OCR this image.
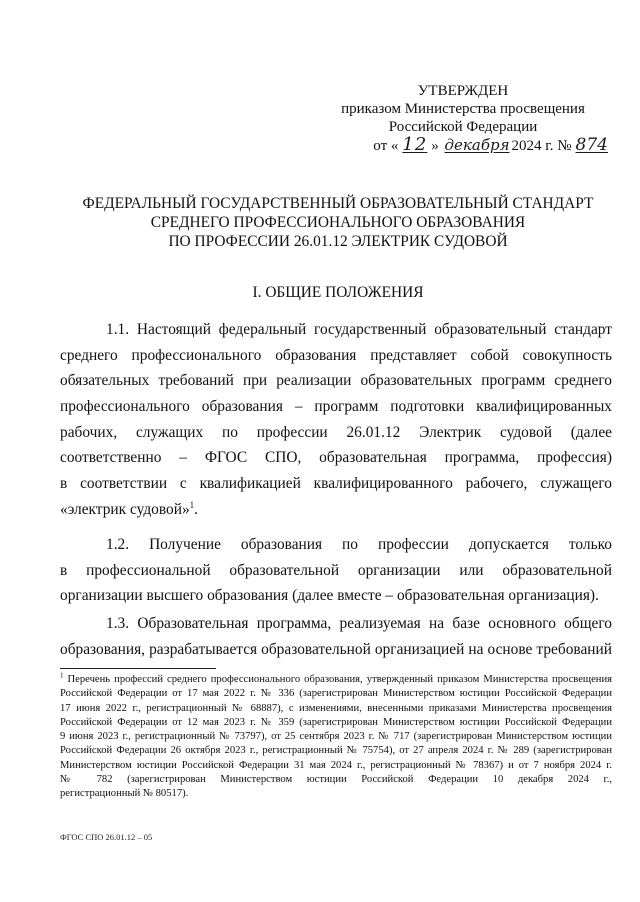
УТВЕРЖДЕН
приказом Министерства просвещения
Российской Федерации
от « 12 » декабря 2024 г. № 874
ФЕДЕРАЛЬНЫЙ ГОСУДАРСТВЕННЫЙ ОБРАЗОВАТЕЛЬНЫЙ СТАНДАРТ
СРЕДНЕГО ПРОФЕССИОНАЛЬНОГО ОБРАЗОВАНИЯ
ПО ПРОФЕССИИ 26.01.12 ЭЛЕКТРИК СУДОВОЙ
I. ОБЩИЕ ПОЛОЖЕНИЯ
1.1. Настоящий федеральный государственный образовательный стандарт
среднего профессионального образования представляет собой совокупность
обязательных требований при реализации образовательных программ среднего
профессионального образования – программ подготовки квалифицированных
рабочих, служащих по профессии 26.01.12 Электрик судовой (далее
соответственно – ФГОС СПО, образовательная программа, профессия)
в соответствии с квалификацией квалифицированного рабочего, служащего
«электрик судовой»$^1$.
1.2. Получение образования по профессии допускается только
в профессиональной образовательной организации или образовательной
организации высшего образования (далее вместе – образовательная организация).
1.3. Образовательная программа, реализуемая на базе основного общего
образования, разрабатывается образовательной организацией на основе требований
$^1$ Перечень профессий среднего профессионального образования, утвержденный приказом Министерства просвещения
Российской Федерации от 17 мая 2022 г. № 336 (зарегистрирован Министерством юстиции Российской Федерации
17 июня 2022 г., регистрационный № 68887), с изменениями, внесенными приказами Министерства просвещения
Российской Федерации от 12 мая 2023 г. № 359 (зарегистрирован Министерством юстиции Российской Федерации
9 июня 2023 г., регистрационный № 73797), от 25 сентября 2023 г. № 717 (зарегистрирован Министерством юстиции
Российской Федерации 26 октября 2023 г., регистрационный № 75754), от 27 апреля 2024 г. № 289 (зарегистрирован
Министерством юстиции Российской Федерации 31 мая 2024 г., регистрационный № 78367) и от 7 ноября 2024 г.
№ 782 (зарегистрирован Министерством юстиции Российской Федерации 10 декабря 2024 г.,
регистрационный № 80517).
ФГОС СПО 26.01.12 – 05
